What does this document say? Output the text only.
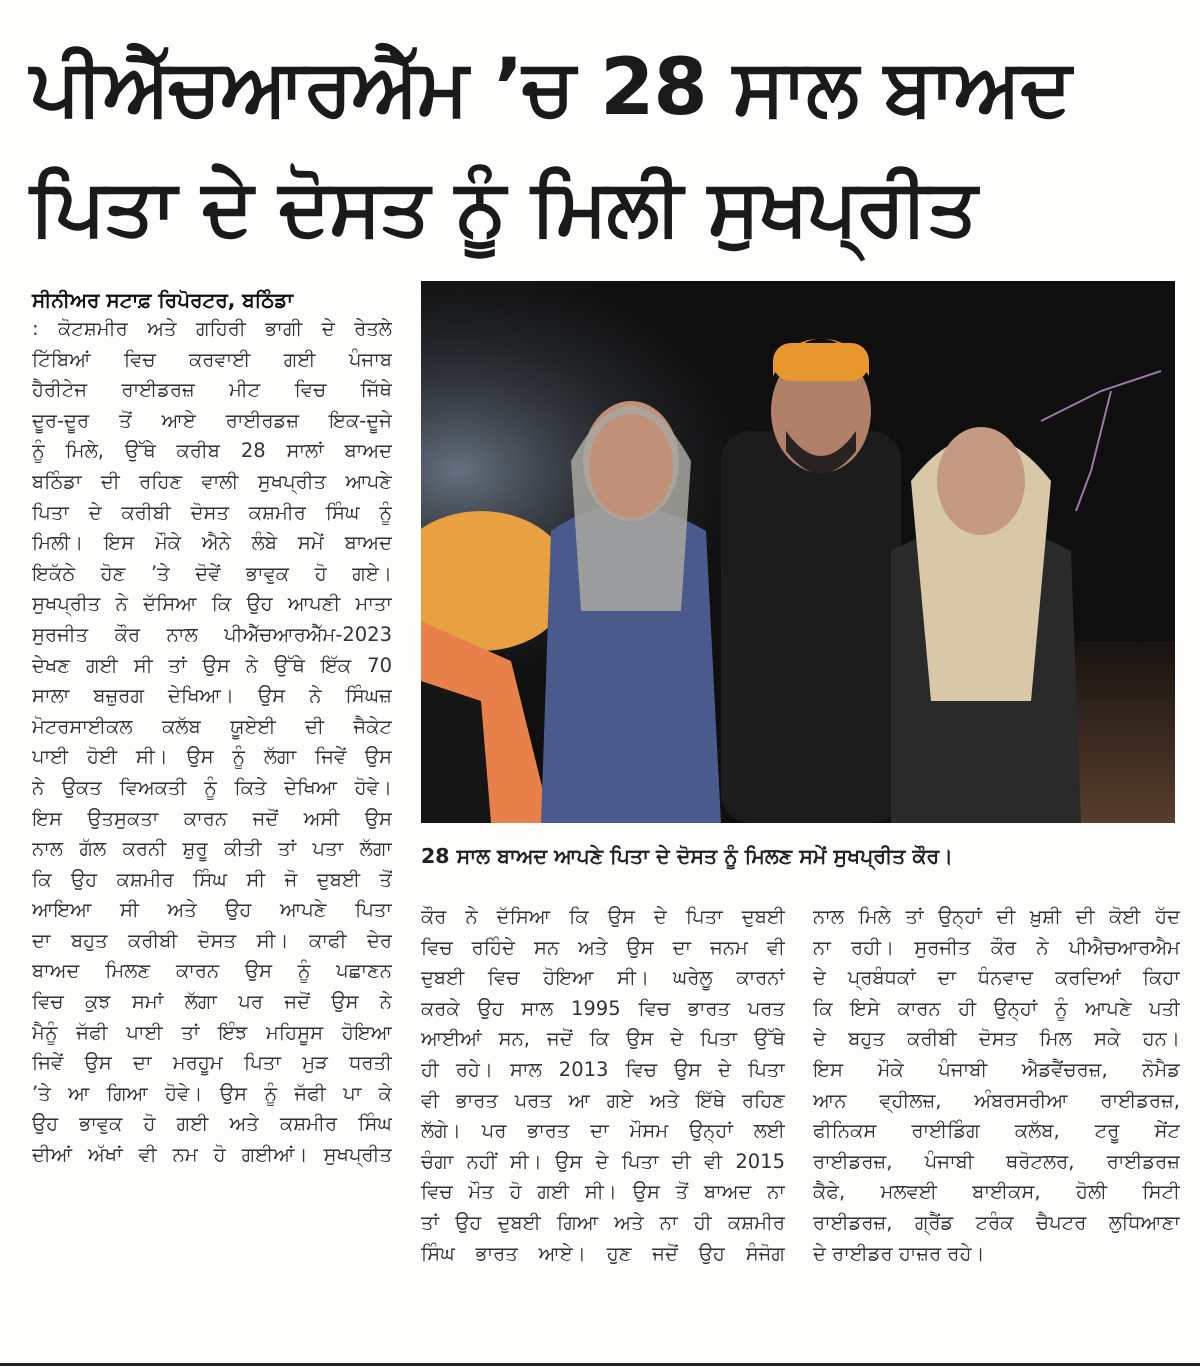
ਪੀਐੱਚਆਰਐੱਮ ’ਚ 28 ਸਾਲ ਬਾਅਦ
ਪਿਤਾ ਦੇ ਦੋਸਤ ਨੂੰ ਮਿਲੀ ਸੁਖਪ੍ਰੀਤ
ਸੀਨੀਅਰ ਸਟਾਫ਼ ਰਿਪੋਰਟਰ, ਬਠਿੰਡਾ
: ਕੋਟਸ਼ਮੀਰ ਅਤੇ ਗਹਿਰੀ ਭਾਗੀ ਦੇ ਰੇਤਲੇ
ਟਿੱਬਿਆਂ ਵਿਚ ਕਰਵਾਈ ਗਈ ਪੰਜਾਬ
ਹੈਰੀਟੇਜ ਰਾਈਡਰਜ਼ ਮੀਟ ਵਿਚ ਜਿੱਥੇ
ਦੂਰ-ਦੂਰ ਤੋਂ ਆਏ ਰਾਈਰਡਜ਼ ਇਕ-ਦੂਜੇ
ਨੂੰ ਮਿਲੇ, ਉੱਥੇ ਕਰੀਬ 28 ਸਾਲਾਂ ਬਾਅਦ
ਬਠਿੰਡਾ ਦੀ ਰਹਿਣ ਵਾਲੀ ਸੁਖਪ੍ਰੀਤ ਆਪਣੇ
ਪਿਤਾ ਦੇ ਕਰੀਬੀ ਦੋਸਤ ਕਸ਼ਮੀਰ ਸਿੰਘ ਨੂੰ
ਮਿਲੀ। ਇਸ ਮੌਕੇ ਐਨੇ ਲੰਬੇ ਸਮੇਂ ਬਾਅਦ
ਇਕੱਠੇ ਹੋਣ ’ਤੇ ਦੋਵੇਂ ਭਾਵੁਕ ਹੋ ਗਏ।
ਸੁਖਪ੍ਰੀਤ ਨੇ ਦੱਸਿਆ ਕਿ ਉਹ ਆਪਣੀ ਮਾਤਾ
ਸੁਰਜੀਤ ਕੌਰ ਨਾਲ ਪੀਐੱਚਆਰਐੱਮ-2023
ਦੇਖਣ ਗਈ ਸੀ ਤਾਂ ਉਸ ਨੇ ਉੱਥੇ ਇੱਕ 70
ਸਾਲਾ ਬਜ਼ੁਰਗ ਦੇਖਿਆ। ਉਸ ਨੇ ਸਿੰਘਜ਼
ਮੋਟਰਸਾਈਕਲ ਕਲੱਬ ਯੂਏਈ ਦੀ ਜੈਕੇਟ
ਪਾਈ ਹੋਈ ਸੀ। ਉਸ ਨੂੰ ਲੱਗਾ ਜਿਵੇਂ ਉਸ
ਨੇ ਉਕਤ ਵਿਅਕਤੀ ਨੂੰ ਕਿਤੇ ਦੇਖਿਆ ਹੋਵੇ।
ਇਸ ਉਤਸੁਕਤਾ ਕਾਰਨ ਜਦੋਂ ਅਸੀ ਉਸ
ਨਾਲ ਗੱਲ ਕਰਨੀ ਸ਼ੁਰੂ ਕੀਤੀ ਤਾਂ ਪਤਾ ਲੱਗਾ
ਕਿ ਉਹ ਕਸ਼ਮੀਰ ਸਿੰਘ ਸੀ ਜੋ ਦੁਬਈ ਤੋਂ
ਆਇਆ ਸੀ ਅਤੇ ਉਹ ਆਪਣੇ ਪਿਤਾ
ਦਾ ਬਹੁਤ ਕਰੀਬੀ ਦੋਸਤ ਸੀ। ਕਾਫੀ ਦੇਰ
ਬਾਅਦ ਮਿਲਣ ਕਾਰਨ ਉਸ ਨੂੰ ਪਛਾਣਨ
ਵਿਚ ਕੁਝ ਸਮਾਂ ਲੱਗਾ ਪਰ ਜਦੋਂ ਉਸ ਨੇ
ਮੈਨੂੰ ਜੱਫੀ ਪਾਈ ਤਾਂ ਇੰਝ ਮਹਿਸੂਸ ਹੋਇਆ
ਜਿਵੇਂ ਉਸ ਦਾ ਮਰਹੂਮ ਪਿਤਾ ਮੁੜ ਧਰਤੀ
’ਤੇ ਆ ਗਿਆ ਹੋਵੇ। ਉਸ ਨੂੰ ਜੱਫੀ ਪਾ ਕੇ
ਉਹ ਭਾਵੁਕ ਹੋ ਗਈ ਅਤੇ ਕਸ਼ਮੀਰ ਸਿੰਘ
ਦੀਆਂ ਅੱਖਾਂ ਵੀ ਨਮ ਹੋ ਗਈਆਂ। ਸੁਖਪ੍ਰੀਤ
28 ਸਾਲ ਬਾਅਦ ਆਪਣੇ ਪਿਤਾ ਦੇ ਦੋਸਤ ਨੂੰ ਮਿਲਣ ਸਮੇਂ ਸੁਖਪ੍ਰੀਤ ਕੌਰ।
ਕੌਰ ਨੇ ਦੱਸਿਆ ਕਿ ਉਸ ਦੇ ਪਿਤਾ ਦੁਬਈ
ਵਿਚ ਰਹਿੰਦੇ ਸਨ ਅਤੇ ਉਸ ਦਾ ਜਨਮ ਵੀ
ਦੁਬਈ ਵਿਚ ਹੋਇਆ ਸੀ। ਘਰੇਲੂ ਕਾਰਨਾਂ
ਕਰਕੇ ਉਹ ਸਾਲ 1995 ਵਿਚ ਭਾਰਤ ਪਰਤ
ਆਈਆਂ ਸਨ, ਜਦੋਂ ਕਿ ਉਸ ਦੇ ਪਿਤਾ ਉੱਥੇ
ਹੀ ਰਹੇ। ਸਾਲ 2013 ਵਿਚ ਉਸ ਦੇ ਪਿਤਾ
ਵੀ ਭਾਰਤ ਪਰਤ ਆ ਗਏ ਅਤੇ ਇੱਥੇ ਰਹਿਣ
ਲੱਗੇ। ਪਰ ਭਾਰਤ ਦਾ ਮੌਸਮ ਉਨ੍ਹਾਂ ਲਈ
ਚੰਗਾ ਨਹੀਂ ਸੀ। ਉਸ ਦੇ ਪਿਤਾ ਦੀ ਵੀ 2015
ਵਿਚ ਮੌਤ ਹੋ ਗਈ ਸੀ। ਉਸ ਤੋਂ ਬਾਅਦ ਨਾ
ਤਾਂ ਉਹ ਦੁਬਈ ਗਿਆ ਅਤੇ ਨਾ ਹੀ ਕਸ਼ਮੀਰ
ਸਿੰਘ ਭਾਰਤ ਆਏ। ਹੁਣ ਜਦੋਂ ਉਹ ਸੰਜੋਗ
ਨਾਲ ਮਿਲੇ ਤਾਂ ਉਨ੍ਹਾਂ ਦੀ ਖ਼ੁਸ਼ੀ ਦੀ ਕੋਈ ਹੱਦ
ਨਾ ਰਹੀ। ਸੁਰਜੀਤ ਕੌਰ ਨੇ ਪੀਐਚਆਰਐਮ
ਦੇ ਪ੍ਰਬੰਧਕਾਂ ਦਾ ਧੰਨਵਾਦ ਕਰਦਿਆਂ ਕਿਹਾ
ਕਿ ਇਸੇ ਕਾਰਨ ਹੀ ਉਨ੍ਹਾਂ ਨੂੰ ਆਪਣੇ ਪਤੀ
ਦੇ ਬਹੁਤ ਕਰੀਬੀ ਦੋਸਤ ਮਿਲ ਸਕੇ ਹਨ।
ਇਸ ਮੌਕੇ ਪੰਜਾਬੀ ਐਡਵੈਂਚਰਜ਼, ਨੋਮੈਡ
ਆਨ ਵ੍ਹੀਲਜ਼, ਅੰਬਰਸਰੀਆ ਰਾਈਡਰਜ਼,
ਫੀਨਿਕਸ ਰਾਈਡਿੰਗ ਕਲੱਬ, ਟਰੂ ਸੇਂਟ
ਰਾਈਡਰਜ਼, ਪੰਜਾਬੀ ਥਰੋਟਲਰ, ਰਾਈਡਰਜ਼
ਕੈਫੇ, ਮਲਵਈ ਬਾਈਕਸ, ਹੋਲੀ ਸਿਟੀ
ਰਾਈਡਰਜ਼, ਗ੍ਰੈਂਡ ਟਰੰਕ ਚੈਪਟਰ ਲੁਧਿਆਣਾ
ਦੇ ਰਾਈਡਰ ਹਾਜ਼ਰ ਰਹੇ।
